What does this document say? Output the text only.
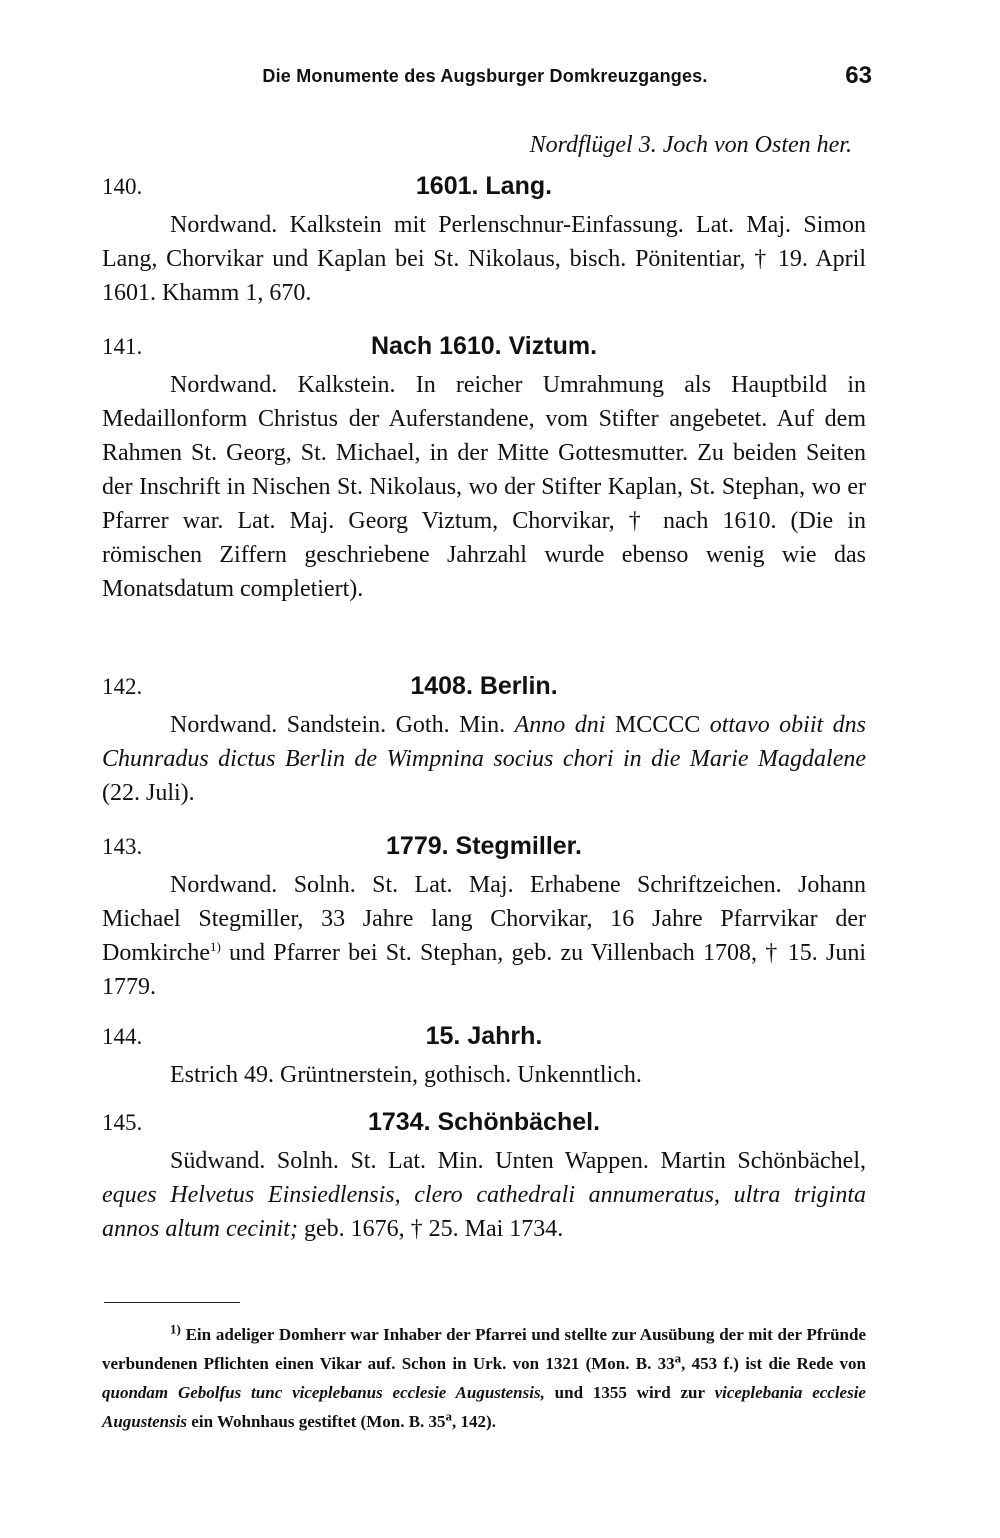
Die Monumente des Augsburger Domkreuzganges.	63
Nordflügel 3. Joch von Osten her.
140.	1601. Lang.
Nordwand. Kalkstein mit Perlenschnur-Einfassung. Lat. Maj. Simon Lang, Chorvikar und Kaplan bei St. Nikolaus, bisch. Pönitentiar, † 19. April 1601. Khamm 1, 670.
141.	Nach 1610. Viztum.
Nordwand. Kalkstein. In reicher Umrahmung als Hauptbild in Medaillonform Christus der Auferstandene, vom Stifter angebetet. Auf dem Rahmen St. Georg, St. Michael, in der Mitte Gottesmutter. Zu beiden Seiten der Inschrift in Nischen St. Nikolaus, wo der Stifter Kaplan, St. Stephan, wo er Pfarrer war. Lat. Maj. Georg Viztum, Chorvikar, † nach 1610. (Die in römischen Ziffern geschriebene Jahrzahl wurde ebenso wenig wie das Monatsdatum completiert).
142.	1408. Berlin.
Nordwand. Sandstein. Goth. Min. Anno dni MCCCC ottavo obiit dns Chunradus dictus Berlin de Wimpnina socius chori in die Marie Magdalene (22. Juli).
143.	1779. Stegmiller.
Nordwand. Solnh. St. Lat. Maj. Erhabene Schriftzeichen. Johann Michael Stegmiller, 33 Jahre lang Chorvikar, 16 Jahre Pfarrvikar der Domkirche$^{1)}$ und Pfarrer bei St. Stephan, geb. zu Villenbach 1708, † 15. Juni 1779.
144.	15. Jahrh.
Estrich 49. Grüntnerstein, gothisch. Unkenntlich.
145.	1734. Schönbächel.
Südwand. Solnh. St. Lat. Min. Unten Wappen. Martin Schönbächel, eques Helvetus Einsiedlensis, clero cathedrali annumeratus, ultra triginta annos altum cecinit; geb. 1676, † 25. Mai 1734.
$^{1)}$ Ein adeliger Domherr war Inhaber der Pfarrei und stellte zur Ausübung der mit der Pfründe verbundenen Pflichten einen Vikar auf. Schon in Urk. von 1321 (Mon. B. 33$^a$, 453 f.) ist die Rede von quondam Gebolfus tunc viceplebanus ecclesie Augustensis, und 1355 wird zur viceplebania ecclesie Augustensis ein Wohnhaus gestiftet (Mon. B. 35$^a$, 142).
